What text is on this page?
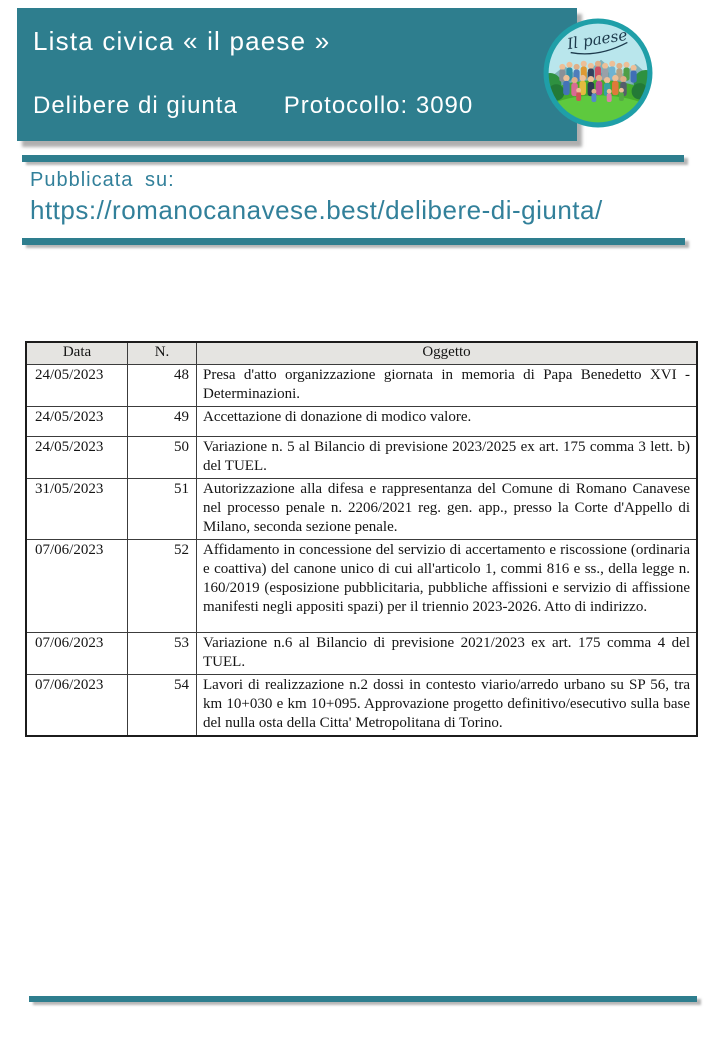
Lista civica « il paese »
Delibere di giunta Protocollo: 3090
Il paese
Pubblicata su:
https://romanocanavese.best/delibere-di-giunta/
Data	N.	Oggetto
24/05/2023	48	Presa d'atto organizzazione giornata in memoria di Papa Benedetto XVI - Determinazioni.
24/05/2023	49	Accettazione di donazione di modico valore.
24/05/2023	50	Variazione n. 5 al Bilancio di previsione 2023/2025 ex art. 175 comma 3 lett. b) del TUEL.
31/05/2023	51	Autorizzazione alla difesa e rappresentanza del Comune di Romano Canavese nel processo penale n. 2206/2021 reg. gen. app., presso la Corte d'Appello di Milano, seconda sezione penale.
07/06/2023	52	Affidamento in concessione del servizio di accertamento e riscossione (ordinaria e coattiva) del canone unico di cui all'articolo 1, commi 816 e ss., della legge n. 160/2019 (esposizione pubblicitaria, pubbliche affissioni e servizio di affissione manifesti negli appositi spazi) per il triennio 2023-2026. Atto di indirizzo.
07/06/2023	53	Variazione n.6 al Bilancio di previsione 2021/2023 ex art. 175 comma 4 del TUEL.
07/06/2023	54	Lavori di realizzazione n.2 dossi in contesto viario/arredo urbano su SP 56, tra km 10+030 e km 10+095. Approvazione progetto definitivo/esecutivo sulla base del nulla osta della Citta' Metropolitana di Torino.
